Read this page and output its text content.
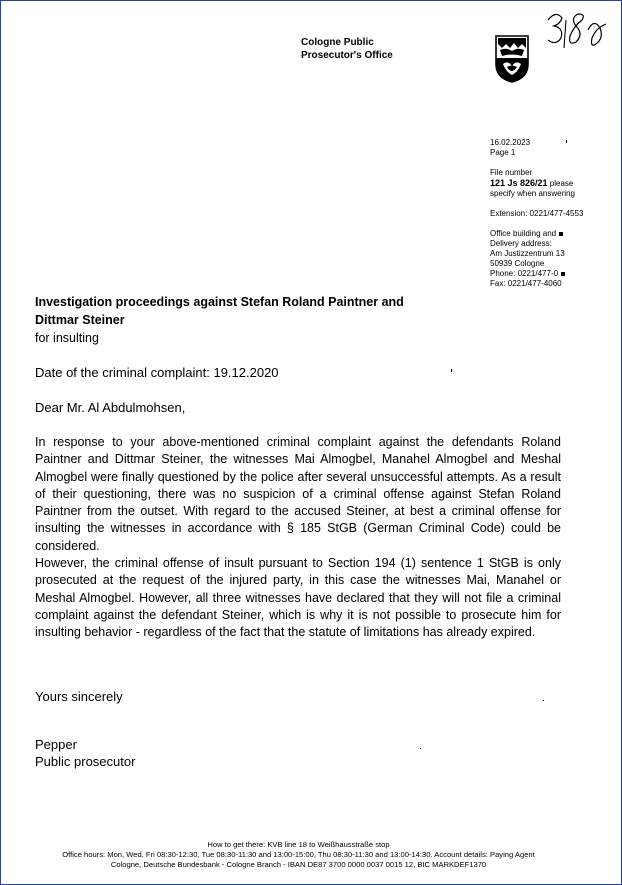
Cologne Public
Prosecutor's Office
16.02.2023
Page 1
File number
121 Js 826/21 please
specify when answering
Extension: 0221/477-4553
Office building and
Delivery address:
Am Justizzentrum 13
50939 Cologne
Phone: 0221/477-0
Fax: 0221/477-4060
Investigation proceedings against Stefan Roland Paintner and
Dittmar Steiner
for insulting
Date of the criminal complaint: 19.12.2020
Dear Mr. Al Abdulmohsen,

In response to your above-mentioned criminal complaint against the defendants Roland Paintner and Dittmar Steiner, the witnesses Mai Almogbel, Manahel Almogbel and Meshal Almogbel were finally questioned by the police after several unsuccessful attempts. As a result of their questioning, there was no suspicion of a criminal offense against Stefan Roland Paintner from the outset. With regard to the accused Steiner, at best a criminal offense for insulting the witnesses in accordance with § 185 StGB (German Criminal Code) could be considered.

However, the criminal offense of insult pursuant to Section 194 (1) sentence 1 StGB is only prosecuted at the request of the injured party, in this case the witnesses Mai, Manahel or Meshal Almogbel. However, all three witnesses have declared that they will not file a criminal complaint against the defendant Steiner, which is why it is not possible to prosecute him for insulting behavior - regardless of the fact that the statute of limitations has already expired.

Yours sincerely
Pepper
Public prosecutor
How to get there: KVB line 18 to Weißhausstraße stop
Office hours: Mon, Wed, Fri 08:30-12:30, Tue 08:30-11:30 and 13:00-15:00, Thu 08:30-11:30 and 13:00-14:30. Account details: Paying Agent
Cologne, Deutsche Bundesbank - Cologne Branch - IBAN DE87 3700 0000 0037 0015 12, BIC MARKDEF1370
